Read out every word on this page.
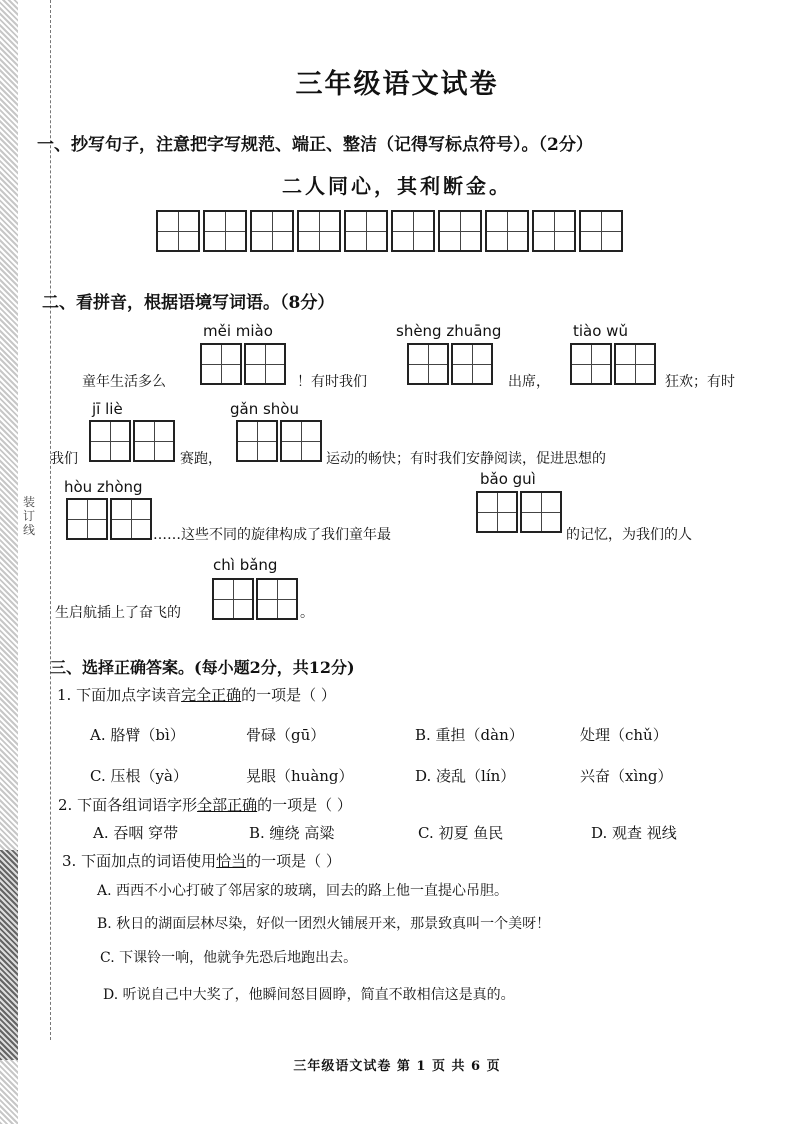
装订线
三年级语文试卷
一、抄写句子，注意把字写规范、端正、整洁（记得写标点符号）。（2分）
二人同心，其利断金。
二、看拼音，根据语境写词语。（8分）
měi miào	shèng zhuāng	tiào wǔ
童年生活多么	！有时我们	出席，	狂欢；有时
jī liè	gǎn shòu
我们	赛跑，	运动的畅快；有时我们安静阅读，促进思想的
hòu zhòng	bǎo guì
……这些不同的旋律构成了我们童年最	的记忆，为我们的人
chì bǎng
生启航插上了奋飞的	。
三、选择正确答案。(每小题2分，共12分)
1. 下面加点字读音完全正确的一项是（ ）
A. 胳臂（bì）	骨碌（gū）	B. 重担（dàn）	处理（chǔ）
C. 压根（yà）	晃眼（huàng）	D. 凌乱（lín）	兴奋（xìng）
2. 下面各组词语字形全部正确的一项是（ ）
A. 吞咽 穿带	B. 缠绕 高粱	C. 初夏 鱼民	D. 观查 视线
3. 下面加点的词语使用恰当的一项是（ ）
A. 西西不小心打破了邻居家的玻璃，回去的路上他一直提心吊胆。
B. 秋日的湖面层林尽染，好似一团烈火铺展开来，那景致真叫一个美呀！
C. 下课铃一响，他就争先恐后地跑出去。
D. 听说自己中大奖了，他瞬间怒目圆睁，简直不敢相信这是真的。
三年级语文试卷 第 1 页 共 6 页
